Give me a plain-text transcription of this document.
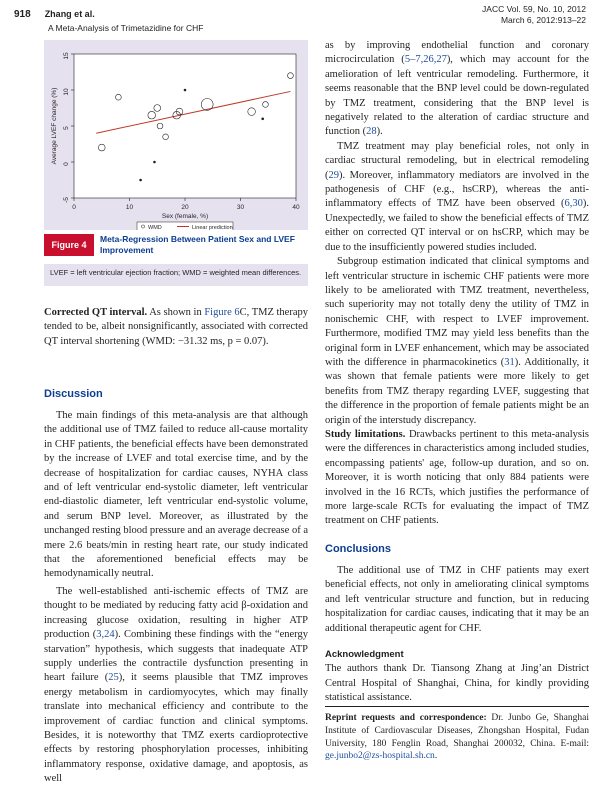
918 Zhang et al.
A Meta-Analysis of Trimetazidine for CHF
JACC Vol. 59, No. 10, 2012
March 6, 2012:913–22
0	10	20	30	40
-5
0
5
10
15
Sex (female, %)
Average LVEF change (%)
WMD	Linear prediction
Figure 4
Meta-Regression Between Patient Sex and LVEF Improvement
LVEF = left ventricular ejection fraction; WMD = weighted mean differences.

Corrected QT interval. As shown in Figure 6C, TMZ therapy tended to be, albeit nonsignificantly, associated with corrected QT interval shortening (WMD: −31.32 ms, p = 0.07).

Discussion

The main findings of this meta-analysis are that although the additional use of TMZ failed to reduce all-cause mortality in CHF patients, the beneficial effects have been demonstrated by the increase of LVEF and total exercise time, and by the decrease of hospitalization for cardiac causes, NYHA class and of left ventricular end-systolic diameter, left ventricular end-diastolic diameter, left ventricular end-systolic volume, and serum BNP level. Moreover, as illustrated by the unchanged resting blood pressure and an average decrease of a mere 2.6 beats/min in resting heart rate, our study indicated that the aforementioned beneficial effects may be hemodynamically neutral.

The well-established anti-ischemic effects of TMZ are thought to be mediated by reducing fatty acid β-oxidation and increasing glucose oxidation, resulting in higher ATP production (3,24). Combining these findings with the “energy starvation” hypothesis, which suggests that inadequate ATP supply underlies the contractile dysfunction presenting in heart failure (25), it seems plausible that TMZ improves energy metabolism in cardiomyocytes, which may finally translate into mechanical efficiency and contribute to the improvement of cardiac function and clinical symptoms. Besides, it is noteworthy that TMZ exerts cardioprotective effects by restoring phosphorylation processes, inhibiting inflammatory response, oxidative damage, and apoptosis, as well

as by improving endothelial function and coronary microcirculation (5–7,26,27), which may account for the amelioration of left ventricular remodeling. Furthermore, it seems reasonable that the BNP level could be down-regulated by TMZ treatment, considering that the BNP level is negatively related to the alteration of cardiac structure and function (28).

TMZ treatment may play beneficial roles, not only in cardiac structural remodeling, but in electrical remodeling (29). Moreover, inflammatory mediators are involved in the pathogenesis of CHF (e.g., hsCRP), whereas the anti-inflammatory effects of TMZ have been observed (6,30). Unexpectedly, we failed to show the beneficial effects of TMZ either on corrected QT interval or on hsCRP, which may be due to the insufficiently powered studies included.

Subgroup estimation indicated that clinical symptoms and left ventricular structure in ischemic CHF patients were more likely to be ameliorated with TMZ treatment, nevertheless, such superiority may not totally deny the utility of TMZ in nonischemic CHF, with respect to LVEF improvement. Furthermore, modified TMZ may yield less benefits than the original form in LVEF enhancement, which may be associated with the difference in pharmacokinetics (31). Additionally, it was shown that female patients were more likely to get benefits from TMZ therapy regarding LVEF, suggesting that the difference in the proportion of female patients might be an origin of the interstudy discrepancy.

Study limitations. Drawbacks pertinent to this meta-analysis were the differences in characteristics among included studies, encompassing patients' age, follow-up duration, and so on. Moreover, it is worth noticing that only 884 patients were involved in the 16 RCTs, which justifies the performance of more large-scale RCTs for evaluating the impact of TMZ treatment on CHF patients.

Conclusions

The additional use of TMZ in CHF patients may exert beneficial effects, not only in ameliorating clinical symptoms and left ventricular structure and function, but in reducing hospitalization for cardiac causes, indicating that it may be an additional therapeutic agent for CHF.

Acknowledgment

The authors thank Dr. Tiansong Zhang at Jing’an District Central Hospital of Shanghai, China, for kindly providing statistical assistance.

Reprint requests and correspondence: Dr. Junbo Ge, Shanghai Institute of Cardiovascular Diseases, Zhongshan Hospital, Fudan University, 180 Fenglin Road, Shanghai 200032, China. E-mail: ge.junbo2@zs-hospital.sh.cn.
